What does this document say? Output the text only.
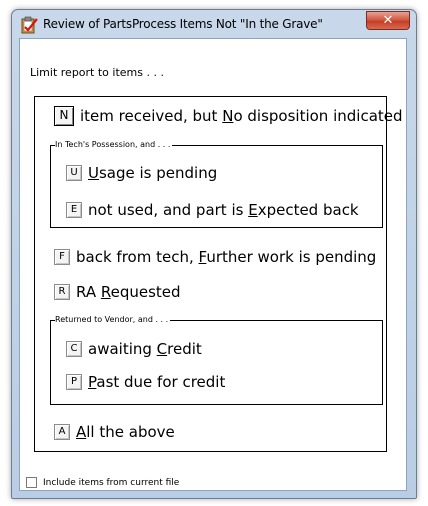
Review of PartsProcess Items Not "In the Grave"	✕
Limit report to items . . .
N item received, but No disposition indicated
In Tech's Possession, and . . .
U Usage is pending
E not used, and part is Expected back
F back from tech, Further work is pending
R RA Requested
Returned to Vendor, and . . .
C awaiting Credit
P Past due for credit
A All the above
Include items from current file
